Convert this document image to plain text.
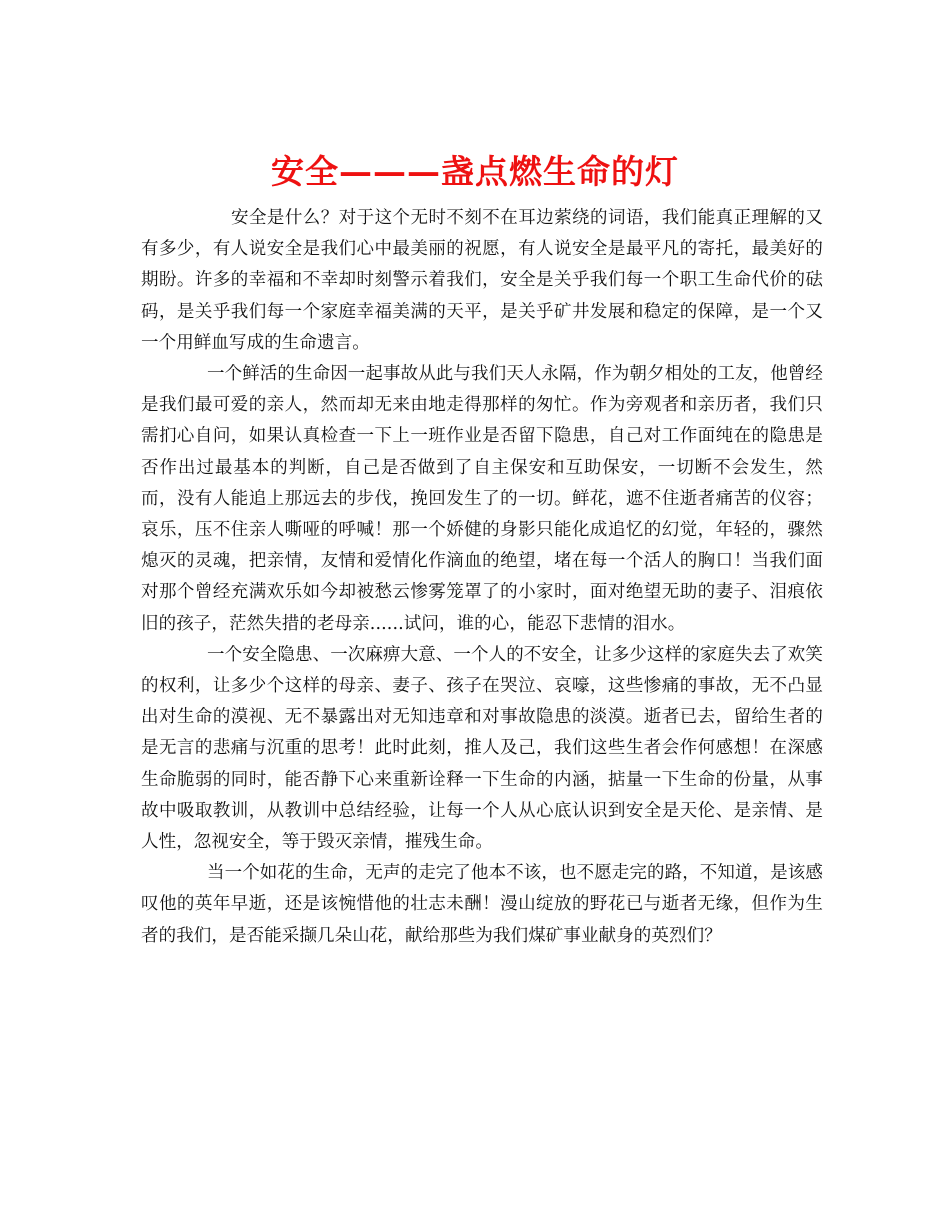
安全———盏点燃生命的灯

安全是什么？对于这个无时不刻不在耳边萦绕的词语，我们能真正理解的又有多少，有人说安全是我们心中最美丽的祝愿，有人说安全是最平凡的寄托，最美好的期盼。许多的幸福和不幸却时刻警示着我们，安全是关乎我们每一个职工生命代价的砝码，是关乎我们每一个家庭幸福美满的天平，是关乎矿井发展和稳定的保障，是一个又一个用鲜血写成的生命遗言。

一个鲜活的生命因一起事故从此与我们天人永隔，作为朝夕相处的工友，他曾经是我们最可爱的亲人，然而却无来由地走得那样的匆忙。作为旁观者和亲历者，我们只需扪心自问，如果认真检查一下上一班作业是否留下隐患，自己对工作面纯在的隐患是否作出过最基本的判断，自己是否做到了自主保安和互助保安，一切断不会发生，然而，没有人能追上那远去的步伐，挽回发生了的一切。鲜花，遮不住逝者痛苦的仪容；哀乐，压不住亲人嘶哑的呼喊！那一个娇健的身影只能化成追忆的幻觉，年轻的，骤然熄灭的灵魂，把亲情，友情和爱情化作滴血的绝望，堵在每一个活人的胸口！当我们面对那个曾经充满欢乐如今却被愁云惨雾笼罩了的小家时，面对绝望无助的妻子、泪痕依旧的孩子，茫然失措的老母亲......试问，谁的心，能忍下悲情的泪水。

一个安全隐患、一次麻痹大意、一个人的不安全，让多少这样的家庭失去了欢笑的权利，让多少个这样的母亲、妻子、孩子在哭泣、哀嚎，这些惨痛的事故，无不凸显出对生命的漠视、无不暴露出对无知违章和对事故隐患的淡漠。逝者已去，留给生者的是无言的悲痛与沉重的思考！此时此刻，推人及己，我们这些生者会作何感想！在深感生命脆弱的同时，能否静下心来重新诠释一下生命的内涵，掂量一下生命的份量，从事故中吸取教训，从教训中总结经验，让每一个人从心底认识到安全是天伦、是亲情、是人性，忽视安全，等于毁灭亲情，摧残生命。

当一个如花的生命，无声的走完了他本不该，也不愿走完的路，不知道，是该感叹他的英年早逝，还是该惋惜他的壮志未酬！漫山绽放的野花已与逝者无缘，但作为生者的我们，是否能采撷几朵山花，献给那些为我们煤矿事业献身的英烈们？
